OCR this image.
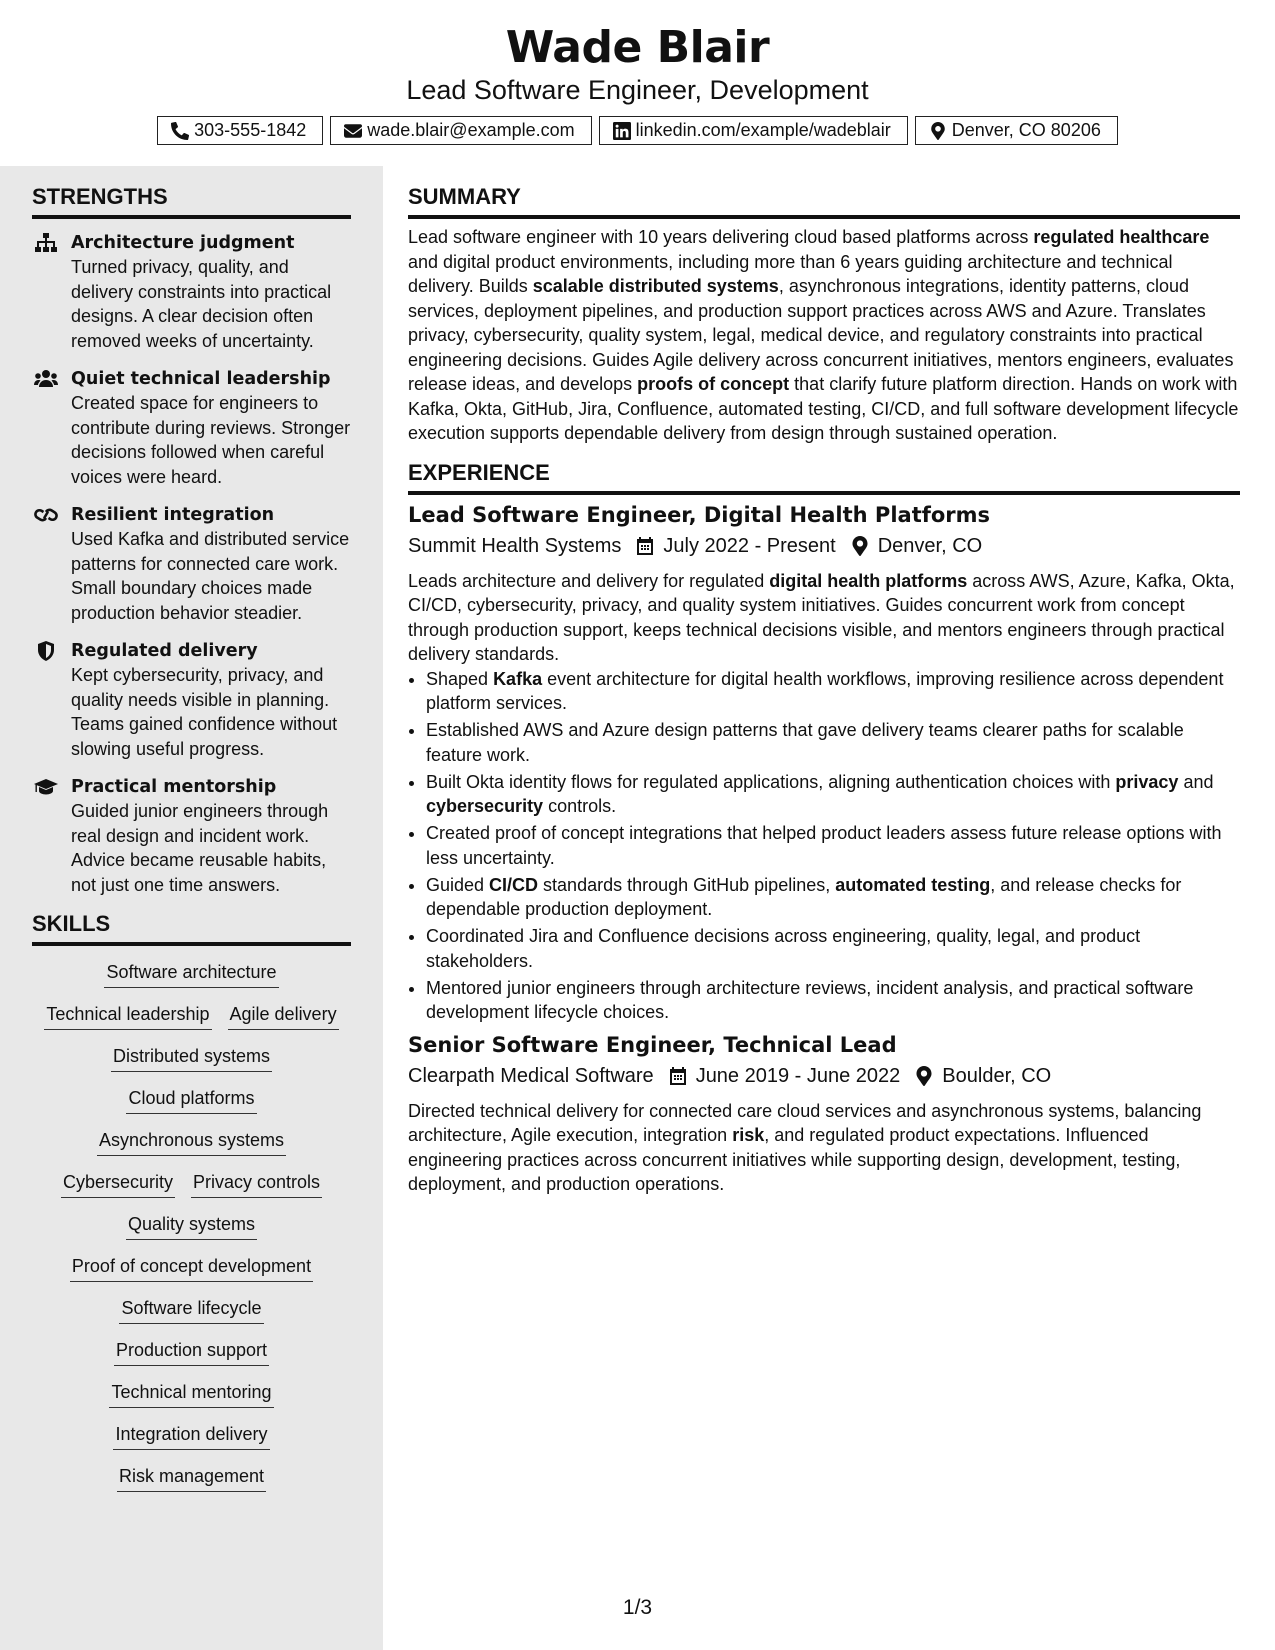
Wade Blair
Lead Software Engineer, Development
303-555-1842	wade.blair@example.com	linkedin.com/example/wadeblair	Denver, CO 80206
STRENGTHS
Architecture judgment
Turned privacy, quality, and delivery constraints into practical designs. A clear decision often removed weeks of uncertainty.
Quiet technical leadership
Created space for engineers to contribute during reviews. Stronger decisions followed when careful voices were heard.
Resilient integration
Used Kafka and distributed service patterns for connected care work. Small boundary choices made production behavior steadier.
Regulated delivery
Kept cybersecurity, privacy, and quality needs visible in planning. Teams gained confidence without slowing useful progress.
Practical mentorship
Guided junior engineers through real design and incident work. Advice became reusable habits, not just one time answers.
SKILLS
Software architecture
Technical leadership Agile delivery
Distributed systems
Cloud platforms
Asynchronous systems
Cybersecurity Privacy controls
Quality systems
Proof of concept development
Software lifecycle
Production support
Technical mentoring
Integration delivery
Risk management
SUMMARY

Lead software engineer with 10 years delivering cloud based platforms across regulated healthcare and digital product environments, including more than 6 years guiding architecture and technical delivery. Builds scalable distributed systems, asynchronous integrations, identity patterns, cloud services, deployment pipelines, and production support practices across AWS and Azure. Translates privacy, cybersecurity, quality system, legal, medical device, and regulatory constraints into practical engineering decisions. Guides Agile delivery across concurrent initiatives, mentors engineers, evaluates release ideas, and develops proofs of concept that clarify future platform direction. Hands on work with Kafka, Okta, GitHub, Jira, Confluence, automated testing, CI/CD, and full software development lifecycle execution supports dependable delivery from design through sustained operation.

EXPERIENCE
Lead Software Engineer, Digital Health Platforms
Summit Health Systems July 2022 - Present Denver, CO

Leads architecture and delivery for regulated digital health platforms across AWS, Azure, Kafka, Okta, CI/CD, cybersecurity, privacy, and quality system initiatives. Guides concurrent work from concept through production support, keeps technical decisions visible, and mentors engineers through practical delivery standards.

• Shaped Kafka event architecture for digital health workflows, improving resilience across dependent platform services.
• Established AWS and Azure design patterns that gave delivery teams clearer paths for scalable feature work.
• Built Okta identity flows for regulated applications, aligning authentication choices with privacy and cybersecurity controls.
• Created proof of concept integrations that helped product leaders assess future release options with less uncertainty.
• Guided CI/CD standards through GitHub pipelines, automated testing, and release checks for dependable production deployment.
• Coordinated Jira and Confluence decisions across engineering, quality, legal, and product stakeholders.
• Mentored junior engineers through architecture reviews, incident analysis, and practical software development lifecycle choices.
Senior Software Engineer, Technical Lead
Clearpath Medical Software June 2019 - June 2022 Boulder, CO

Directed technical delivery for connected care cloud services and asynchronous systems, balancing architecture, Agile execution, integration risk, and regulated product expectations. Influenced engineering practices across concurrent initiatives while supporting design, development, testing, deployment, and production operations.

1/3
